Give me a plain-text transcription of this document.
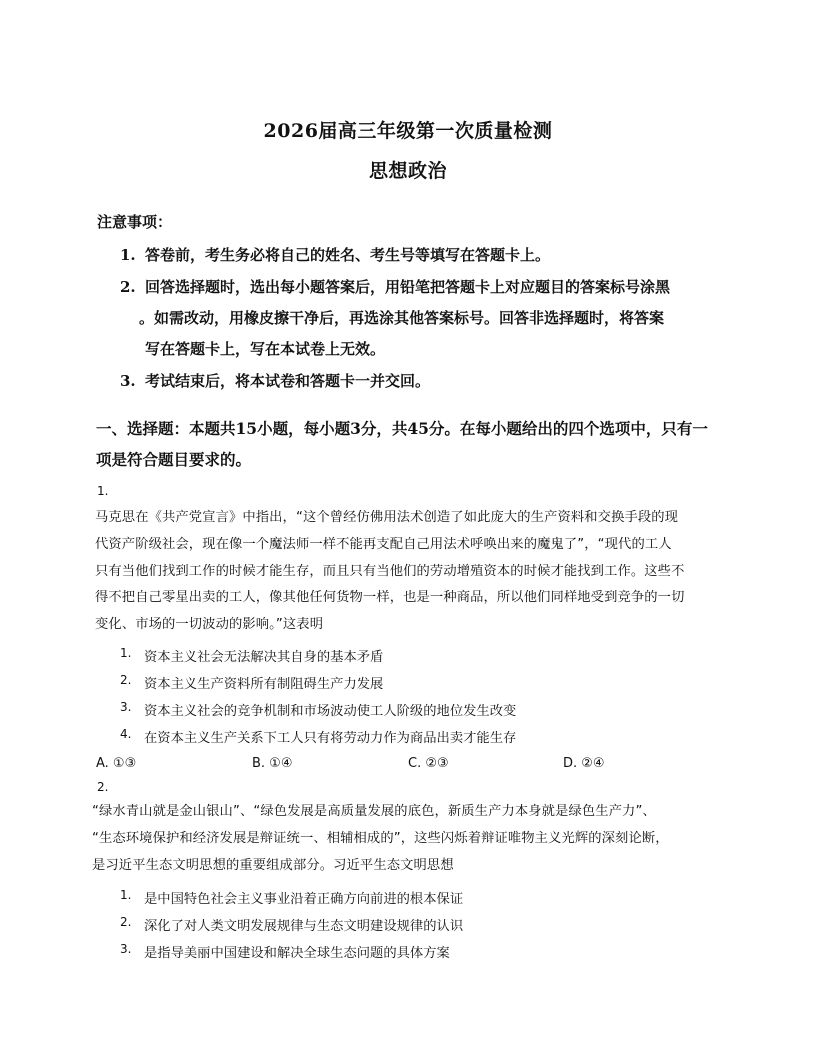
2026届高三年级第一次质量检测
思想政治
注意事项：
1. 答卷前，考生务必将自己的姓名、考生号等填写在答题卡上。
2. 回答选择题时，选出每小题答案后，用铅笔把答题卡上对应题目的答案标号涂黑
。如需改动，用橡皮擦干净后，再选涂其他答案标号。回答非选择题时，将答案
写在答题卡上，写在本试卷上无效。
3. 考试结束后，将本试卷和答题卡一并交回。
一、选择题：本题共15小题，每小题3分，共45分。在每小题给出的四个选项中，只有一
项是符合题目要求的。
1.
马克思在《共产党宣言》中指出，“这个曾经仿佛用法术创造了如此庞大的生产资料和交换手段的现
代资产阶级社会，现在像一个魔法师一样不能再支配自己用法术呼唤出来的魔鬼了”，“现代的工人
只有当他们找到工作的时候才能生存，而且只有当他们的劳动增殖资本的时候才能找到工作。这些不
得不把自己零星出卖的工人，像其他任何货物一样，也是一种商品，所以他们同样地受到竞争的一切
变化、市场的一切波动的影响。”这表明
1. 资本主义社会无法解决其自身的基本矛盾
2. 资本主义生产资料所有制阻碍生产力发展
3. 资本主义社会的竞争机制和市场波动使工人阶级的地位发生改变
4. 在资本主义生产关系下工人只有将劳动力作为商品出卖才能生存
A. ①③	B. ①④	C. ②③	D. ②④
2.
“绿水青山就是金山银山”、“绿色发展是高质量发展的底色，新质生产力本身就是绿色生产力”、
“生态环境保护和经济发展是辩证统一、相辅相成的”，这些闪烁着辩证唯物主义光辉的深刻论断，
是习近平生态文明思想的重要组成部分。习近平生态文明思想
1. 是中国特色社会主义事业沿着正确方向前进的根本保证
2. 深化了对人类文明发展规律与生态文明建设规律的认识
3. 是指导美丽中国建设和解决全球生态问题的具体方案
